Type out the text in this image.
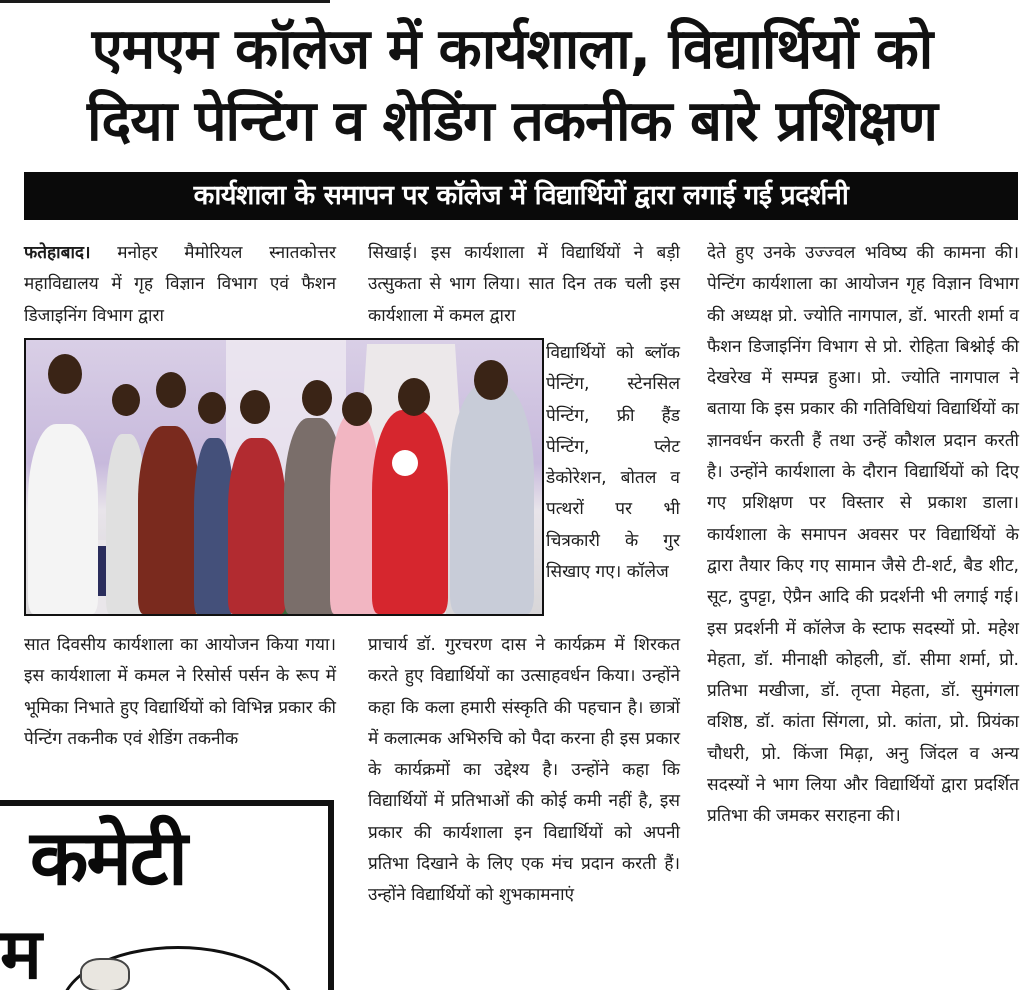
एमएम कॉलेज में कार्यशाला, विद्यार्थियों को
दिया पेन्टिंग व शेडिंग तकनीक बारे प्रशिक्षण
कार्यशाला के समापन पर कॉलेज में विद्यार्थियों द्वारा लगाई गई प्रदर्शनी

फतेहाबाद। मनोहर मैमोरियल स्नातकोत्तर महाविद्यालय में गृह विज्ञान विभाग एवं फैशन डिजाइनिंग विभाग द्वारा

सिखाई। इस कार्यशाला में विद्यार्थियों ने बड़ी उत्सुकता से भाग लिया। सात दिन तक चली इस कार्यशाला में कमल द्वारा

विद्यार्थियों को ब्लॉक पेन्टिंग, स्टेनसिल पेन्टिंग, फ्री हैंड पेन्टिंग, प्लेट डेकोरेशन, बोतल व पत्थरों पर भी चित्रकारी के गुर सिखाए गए। कॉलेज

सात दिवसीय कार्यशाला का आयोजन किया गया। इस कार्यशाला में कमल ने रिसोर्स पर्सन के रूप में भूमिका निभाते हुए विद्यार्थियों को विभिन्न प्रकार की पेन्टिंग तकनीक एवं शेडिंग तकनीक

प्राचार्य डॉ. गुरचरण दास ने कार्यक्रम में शिरकत करते हुए विद्यार्थियों का उत्साहवर्धन किया। उन्होंने कहा कि कला हमारी संस्कृति की पहचान है। छात्रों में कलात्मक अभिरुचि को पैदा करना ही इस प्रकार के कार्यक्रमों का उद्देश्य है। उन्होंने कहा कि विद्यार्थियों में प्रतिभाओं की कोई कमी नहीं है, इस प्रकार की कार्यशाला इन विद्यार्थियों को अपनी प्रतिभा दिखाने के लिए एक मंच प्रदान करती हैं। उन्होंने विद्यार्थियों को शुभकामनाएं

देते हुए उनके उज्ज्वल भविष्य की कामना की। पेन्टिंग कार्यशाला का आयोजन गृह विज्ञान विभाग की अध्यक्ष प्रो. ज्योति नागपाल, डॉ. भारती शर्मा व फैशन डिजाइनिंग विभाग से प्रो. रोहिता बिश्नोई की देखरेख में सम्पन्न हुआ। प्रो. ज्योति नागपाल ने बताया कि इस प्रकार की गतिविधियां विद्यार्थियों का ज्ञानवर्धन करती हैं तथा उन्हें कौशल प्रदान करती है। उन्होंने कार्यशाला के दौरान विद्यार्थियों को दिए गए प्रशिक्षण पर विस्तार से प्रकाश डाला। कार्यशाला के समापन अवसर पर विद्यार्थियों के द्वारा तैयार किए गए सामान जैसे टी-शर्ट, बैड शीट, सूट, दुपट्टा, ऐप्रैन आदि की प्रदर्शनी भी लगाई गई। इस प्रदर्शनी में कॉलेज के स्टाफ सदस्यों प्रो. महेश मेहता, डॉ. मीनाक्षी कोहली, डॉ. सीमा शर्मा, प्रो. प्रतिभा मखीजा, डॉ. तृप्ता मेहता, डॉ. सुमंगला वशिष्ठ, डॉ. कांता सिंगला, प्रो. कांता, प्रो. प्रियंका चौधरी, प्रो. किंजा मिढ़ा, अनु जिंदल व अन्य सदस्यों ने भाग लिया और विद्यार्थियों द्वारा प्रदर्शित प्रतिभा की जमकर सराहना की।

कमेटी
म
